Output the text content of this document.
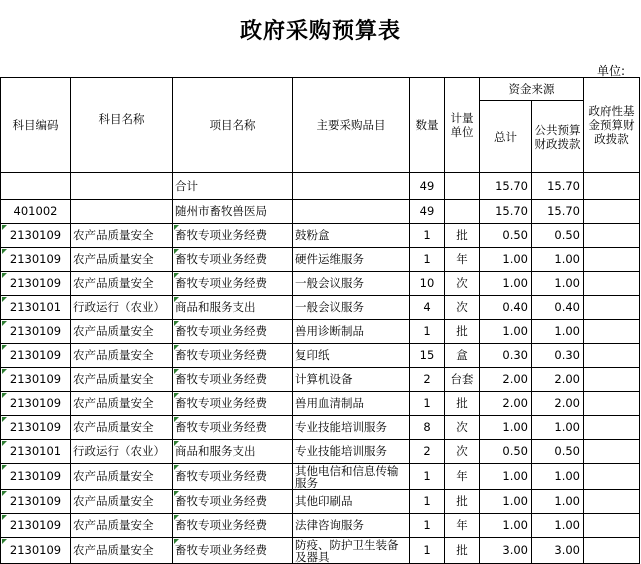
政府采购预算表
单位:
科目编码	科目名称	项目名称	主要采购品目	数量	计量单位	资金来源		政府性基金预算财政拨款
						总计	公共预算财政拨款	
		合计		49		15.70	15.70	
401002		随州市畜牧兽医局		49		15.70	15.70	

2130109	农产品质量安全	畜牧专项业务经费	鼓粉盒	1	批	0.50	0.50	

2130109	农产品质量安全	畜牧专项业务经费	硬件运维服务	1	年	1.00	1.00	

2130109	农产品质量安全	畜牧专项业务经费	一般会议服务	10	次	1.00	1.00	

2130101	行政运行（农业）	商品和服务支出	一般会议服务	4	次	0.40	0.40	

2130109	农产品质量安全	畜牧专项业务经费	兽用诊断制品	1	批	1.00	1.00	

2130109	农产品质量安全	畜牧专项业务经费	复印纸	15	盒	0.30	0.30	

2130109	农产品质量安全	畜牧专项业务经费	计算机设备	2	台套	2.00	2.00	

2130109	农产品质量安全	畜牧专项业务经费	兽用血清制品	1	批	2.00	2.00	

2130109	农产品质量安全	畜牧专项业务经费	专业技能培训服务	8	次	1.00	1.00	

2130101	行政运行（农业）	商品和服务支出	专业技能培训服务	2	次	0.50	0.50	

2130109	农产品质量安全	畜牧专项业务经费	其他电信和信息传输服务	1	年	1.00	1.00	

2130109	农产品质量安全	畜牧专项业务经费	其他印刷品	1	批	1.00	1.00	

2130109	农产品质量安全	畜牧专项业务经费	法律咨询服务	1	年	1.00	1.00	

2130109	农产品质量安全	畜牧专项业务经费	防疫、防护卫生装备及器具	1	批	3.00	3.00	
